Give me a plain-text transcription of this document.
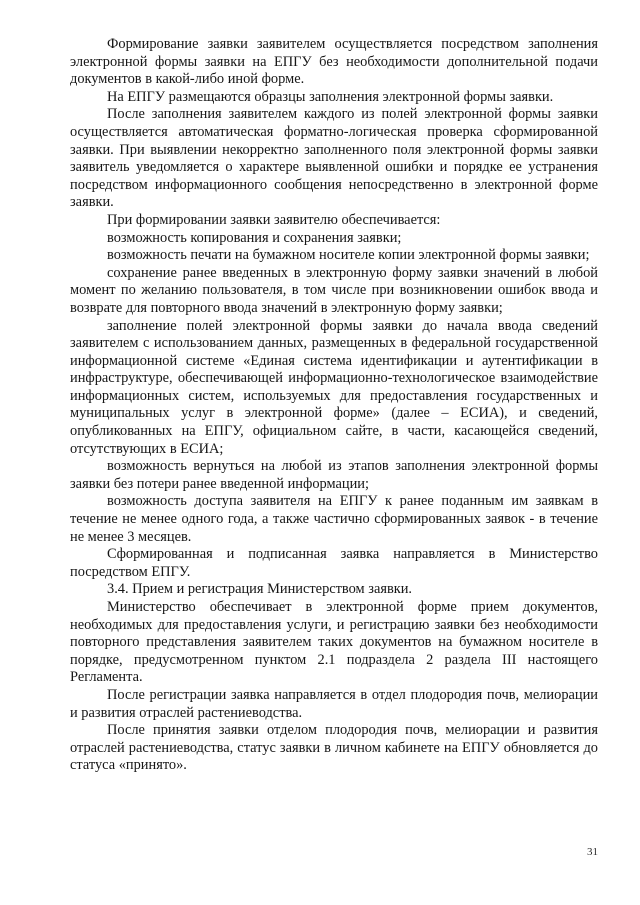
Формирование заявки заявителем осуществляется посредством заполнения электронной формы заявки на ЕПГУ без необходимости дополнительной подачи документов в какой-либо иной форме.

На ЕПГУ размещаются образцы заполнения электронной формы заявки.

После заполнения заявителем каждого из полей электронной формы заявки осуществляется автоматическая форматно-логическая проверка сформированной заявки. При выявлении некорректно заполненного поля электронной формы заявки заявитель уведомляется о характере выявленной ошибки и порядке ее устранения посредством информационного сообщения непосредственно в электронной форме заявки.

При формировании заявки заявителю обеспечивается:

возможность копирования и сохранения заявки;

возможность печати на бумажном носителе копии электронной формы заявки;

сохранение ранее введенных в электронную форму заявки значений в любой момент по желанию пользователя, в том числе при возникновении ошибок ввода и возврате для повторного ввода значений в электронную форму заявки;

заполнение полей электронной формы заявки до начала ввода сведений заявителем с использованием данных, размещенных в федеральной государственной информационной системе «Единая система идентификации и аутентификации в инфраструктуре, обеспечивающей информационно-технологическое взаимодействие информационных систем, используемых для предоставления государственных и муниципальных услуг в электронной форме» (далее – ЕСИА), и сведений, опубликованных на ЕПГУ, официальном сайте, в части, касающейся сведений, отсутствующих в ЕСИА;

возможность вернуться на любой из этапов заполнения электронной формы заявки без потери ранее введенной информации;

возможность доступа заявителя на ЕПГУ к ранее поданным им заявкам в течение не менее одного года, а также частично сформированных заявок - в течение не менее 3 месяцев.

Сформированная и подписанная заявка направляется в Министерство посредством ЕПГУ.

3.4. Прием и регистрация Министерством заявки.

Министерство обеспечивает в электронной форме прием документов, необходимых для предоставления услуги, и регистрацию заявки без необходимости повторного представления заявителем таких документов на бумажном носителе в порядке, предусмотренном пунктом 2.1 подраздела 2 раздела III настоящего Регламента.

После регистрации заявка направляется в отдел плодородия почв, мелиорации и развития отраслей растениеводства.

После принятия заявки отделом плодородия почв, мелиорации и развития отраслей растениеводства, статус заявки в личном кабинете на ЕПГУ обновляется до статуса «принято».

31
